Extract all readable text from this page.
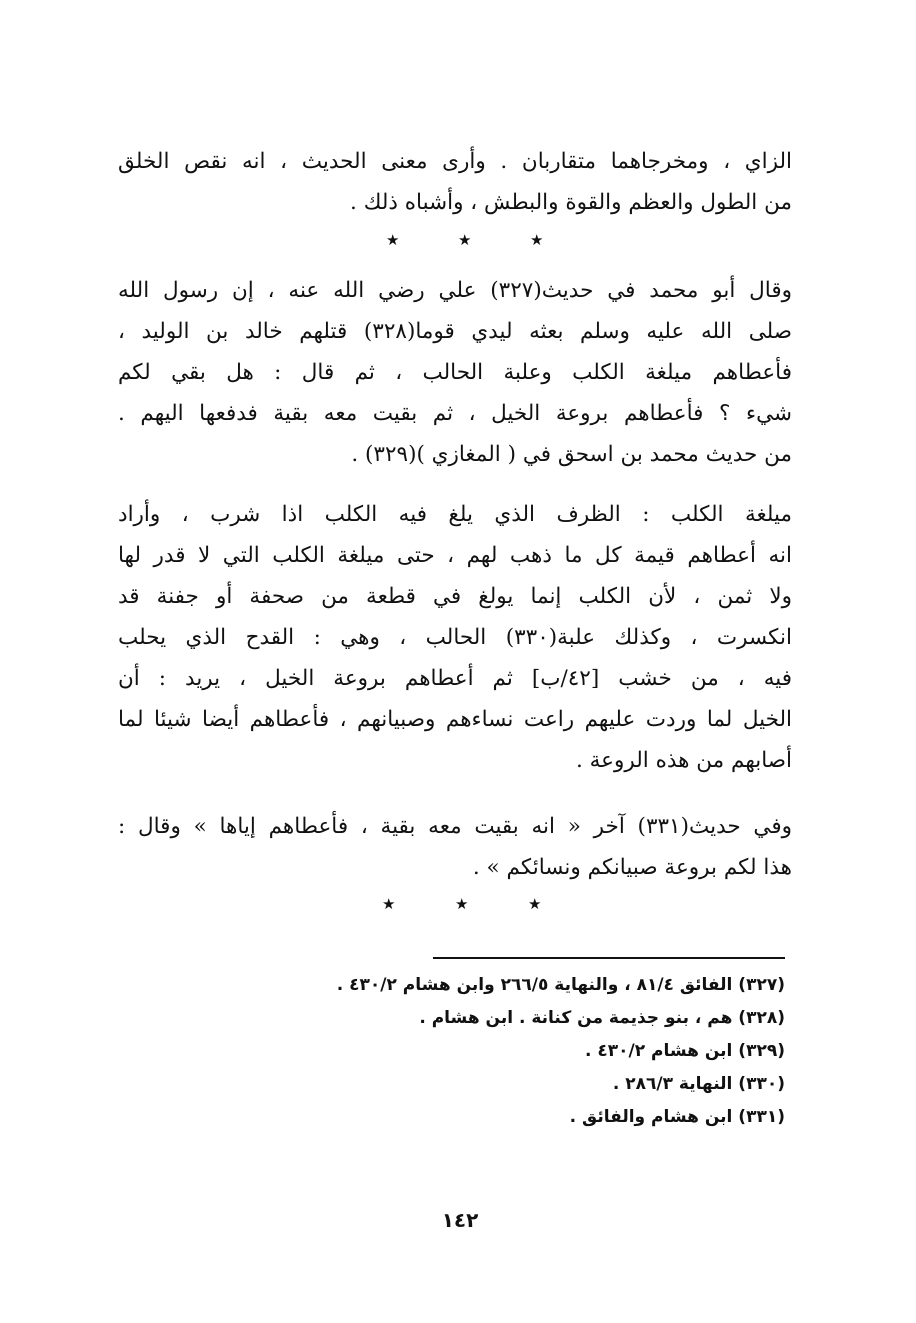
الزاي ، ومخرجاهما متقاربان . وأرى معنى الحديث ، انه نقص الخلق
من الطول والعظم والقوة والبطش ، وأشباه ذلك .
★	★	★
وقال أبو محمد في حديث(٣٢٧) علي رضي الله عنه ، إن رسول الله
صلى الله عليه وسلم بعثه ليدي قوما(٣٢٨) قتلهم خالد بن الوليد ،
فأعطاهم ميلغة الكلب وعلبة الحالب ، ثم قال : هل بقي لكم
شيء ؟ فأعطاهم بروعة الخيل ، ثم بقيت معه بقية فدفعها اليهم .
من حديث محمد بن اسحق في ( المغازي )(٣٢٩) .
ميلغة الكلب : الظرف الذي يلغ فيه الكلب اذا شرب ، وأراد
انه أعطاهم قيمة كل ما ذهب لهم ، حتى ميلغة الكلب التي لا قدر لها
ولا ثمن ، لأن الكلب إنما يولغ في قطعة من صحفة أو جفنة قد
انكسرت ، وكذلك علبة(٣٣٠) الحالب ، وهي : القدح الذي يحلب
فيه ، من خشب [٤٢/ب] ثم أعطاهم بروعة الخيل ، يريد : أن
الخيل لما وردت عليهم راعت نساءهم وصبيانهم ، فأعطاهم أيضا شيئا لما
أصابهم من هذه الروعة .
وفي حديث(٣٣١) آخر « انه بقيت معه بقية ، فأعطاهم إياها » وقال :
هذا لكم بروعة صبيانكم ونسائكم » .
★	★	★
(٣٢٧) الفائق ٨١/٤ ، والنهاية ٢٦٦/٥ وابن هشام ٤٣٠/٢ .
(٣٢٨) هم ، بنو جذيمة من كنانة . ابن هشام .
(٣٢٩) ابن هشام ٤٣٠/٢ .
(٣٣٠) النهاية ٢٨٦/٣ .
(٣٣١) ابن هشام والفائق .
١٤٢
